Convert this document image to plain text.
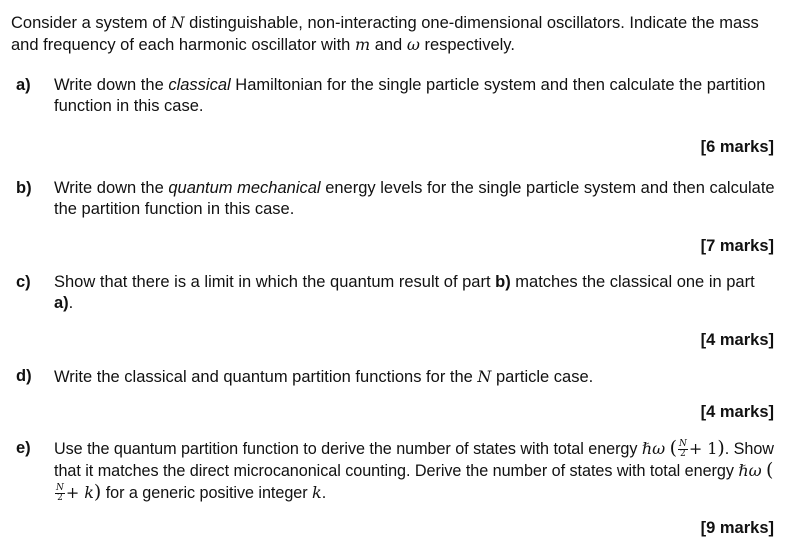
Consider a system of N distinguishable, non-interacting one-dimensional oscillators. Indicate the mass and frequency of each harmonic oscillator with m and ω respectively.
a) Write down the classical Hamiltonian for the single particle system and then calculate the partition function in this case.
[6 marks]
b) Write down the quantum mechanical energy levels for the single particle system and then calculate the partition function in this case.
[7 marks]
c) Show that there is a limit in which the quantum result of part b) matches the classical one in part a).
[4 marks]
d) Write the classical and quantum partition functions for the N particle case.
[4 marks]
e) Use the quantum partition function to derive the number of states with total energy ℏω ( $\frac{N}{2} + 1$). Show that it matches the direct microcanonical counting. Derive the number of states with total energy ℏω (
$\frac{N}{2} + k$) for a generic positive integer k.
[9 marks]
